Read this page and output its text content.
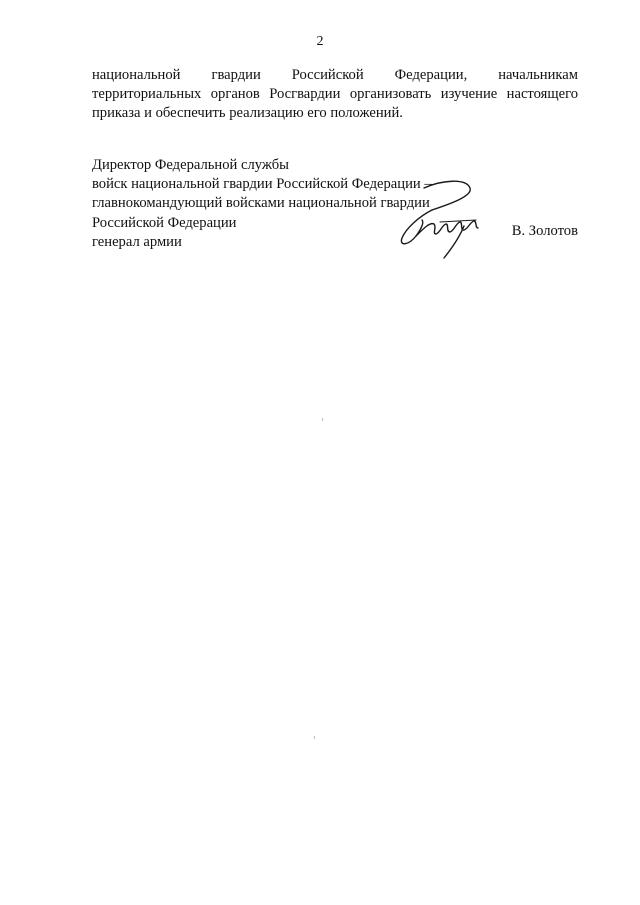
2

национальной гвардии Российской Федерации, начальникам
территориальных органов Росгвардии организовать изучение настоящего приказа и обеспечить реализацию его положений.

Директор Федеральной службы
войск национальной гвардии Российской Федерации –
главнокомандующий войсками национальной гвардии
Российской Федерации
генерал армии
В. Золотов
